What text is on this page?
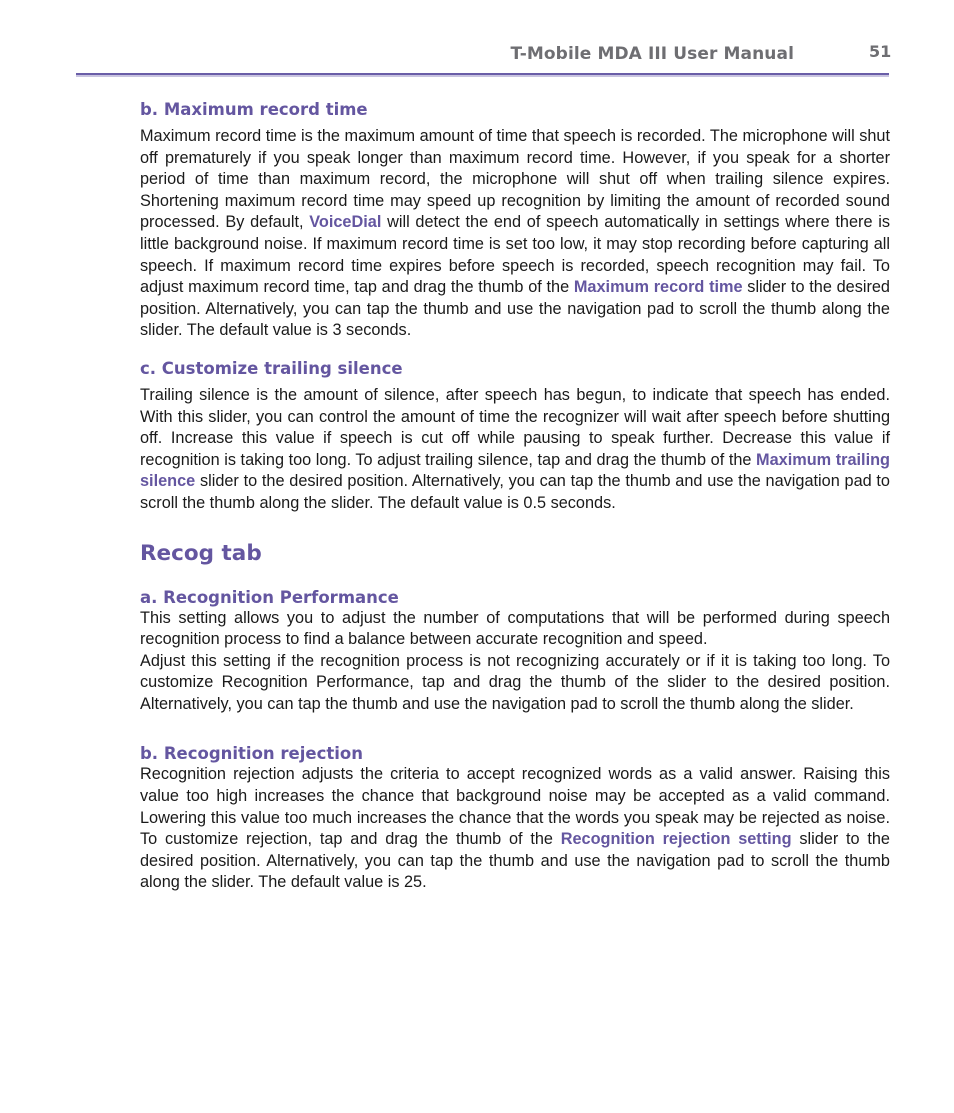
T-Mobile MDA III User Manual	51
b. Maximum record time

Maximum record time is the maximum amount of time that speech is recorded. The microphone will shut off prematurely if you speak longer than maximum record time. However, if you speak for a shorter period of time than maximum record, the microphone will shut off when trailing silence expires. Shortening maximum record time may speed up recognition by limiting the amount of recorded sound processed. By default, VoiceDial will detect the end of speech automatically in settings where there is little background noise. If maximum record time is set too low, it may stop recording before capturing all speech. If maximum record time expires before speech is recorded, speech recognition may fail. To adjust maximum record time, tap and drag the thumb of the Maximum record time slider to the desired position. Alternatively, you can tap the thumb and use the navigation pad to scroll the thumb along the slider. The default value is 3 seconds.

c. Customize trailing silence

Trailing silence is the amount of silence, after speech has begun, to indicate that speech has ended. With this slider, you can control the amount of time the recognizer will wait after speech before shutting off. Increase this value if speech is cut off while pausing to speak further. Decrease this value if recognition is taking too long. To adjust trailing silence, tap and drag the thumb of the Maximum trailing silence slider to the desired position. Alternatively, you can tap the thumb and use the navigation pad to scroll the thumb along the slider. The default value is 0.5 seconds.

Recog tab
a. Recognition Performance

This setting allows you to adjust the number of computations that will be performed during speech recognition process to find a balance between accurate recognition and speed.

Adjust this setting if the recognition process is not recognizing accurately or if it is taking too long. To customize Recognition Performance, tap and drag the thumb of the slider to the desired position. Alternatively, you can tap the thumb and use the navigation pad to scroll the thumb along the slider.

b. Recognition rejection

Recognition rejection adjusts the criteria to accept recognized words as a valid answer. Raising this value too high increases the chance that background noise may be accepted as a valid command. Lowering this value too much increases the chance that the words you speak may be rejected as noise. To customize rejection, tap and drag the thumb of the Recognition rejection setting slider to the desired position. Alternatively, you can tap the thumb and use the navigation pad to scroll the thumb along the slider. The default value is 25.
